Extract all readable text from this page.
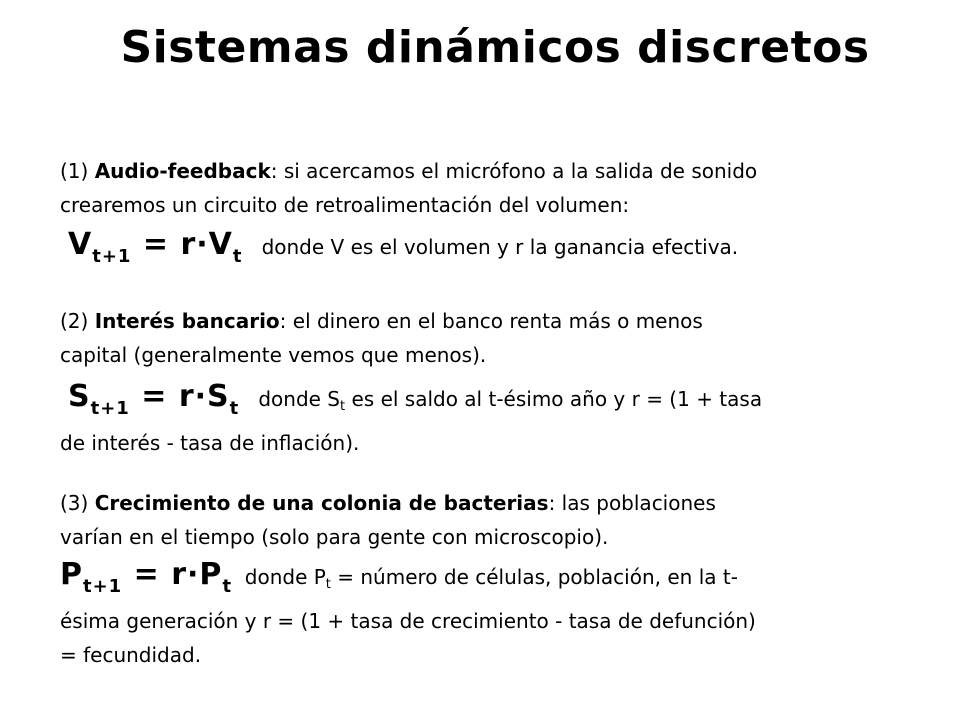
Sistemas dinámicos discretos
(1) Audio-feedback: si acercamos el micrófono a la salida de sonido
crearemos un circuito de retroalimentación del volumen:
$V_{t+1} = r\cdot V_t$ donde V es el volumen y r la ganancia efectiva.
(2) Interés bancario: el dinero en el banco renta más o menos
capital (generalmente vemos que menos).
$S_{t+1} = r\cdot S_t$ donde $S_t$ es el saldo al t-ésimo año y r = (1 + tasa
de interés - tasa de inflación).
(3) Crecimiento de una colonia de bacterias: las poblaciones
varían en el tiempo (solo para gente con microscopio).
$P_{t+1} = r\cdot P_t$ donde $P_t$ = número de células, población, en la t-
ésima generación y r = (1 + tasa de crecimiento - tasa de defunción)
= fecundidad.
